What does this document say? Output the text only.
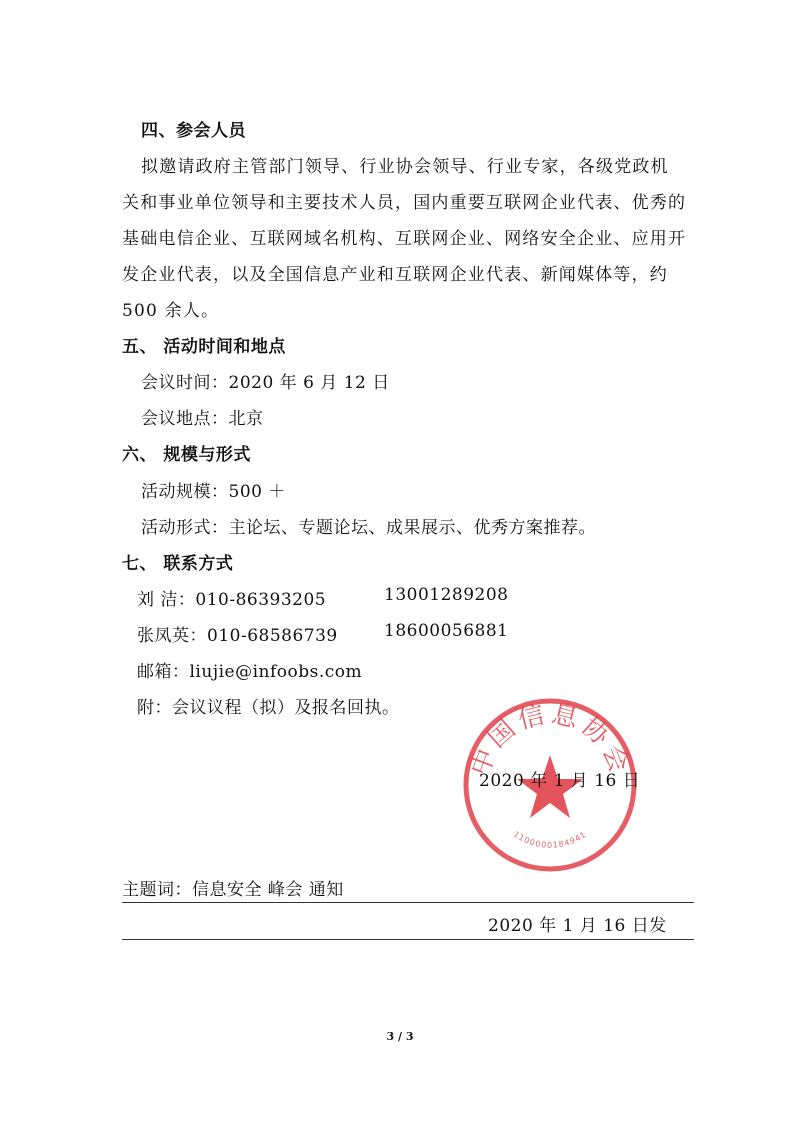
四、参会人员
拟邀请政府主管部门领导、行业协会领导、行业专家，各级党政机
关和事业单位领导和主要技术人员，国内重要互联网企业代表、优秀的
基础电信企业、互联网域名机构、互联网企业、网络安全企业、应用开
发企业代表，以及全国信息产业和互联网企业代表、新闻媒体等，约
500 余人。
五、 活动时间和地点
会议时间：2020 年 6 月 12 日
会议地点：北京
六、 规模与形式
活动规模：500 ＋
活动形式：主论坛、专题论坛、成果展示、优秀方案推荐。
七、 联系方式
刘 洁：010-86393205	13001289208
张凤英：010-68586739	18600056881
邮箱：liujie@infoobs.com
附：会议议程（拟）及报名回执。
中国信息协会
1100000184941
2020 年 1 月 16 日
主题词：信息安全 峰会 通知
2020 年 1 月 16 日发
3 / 3
